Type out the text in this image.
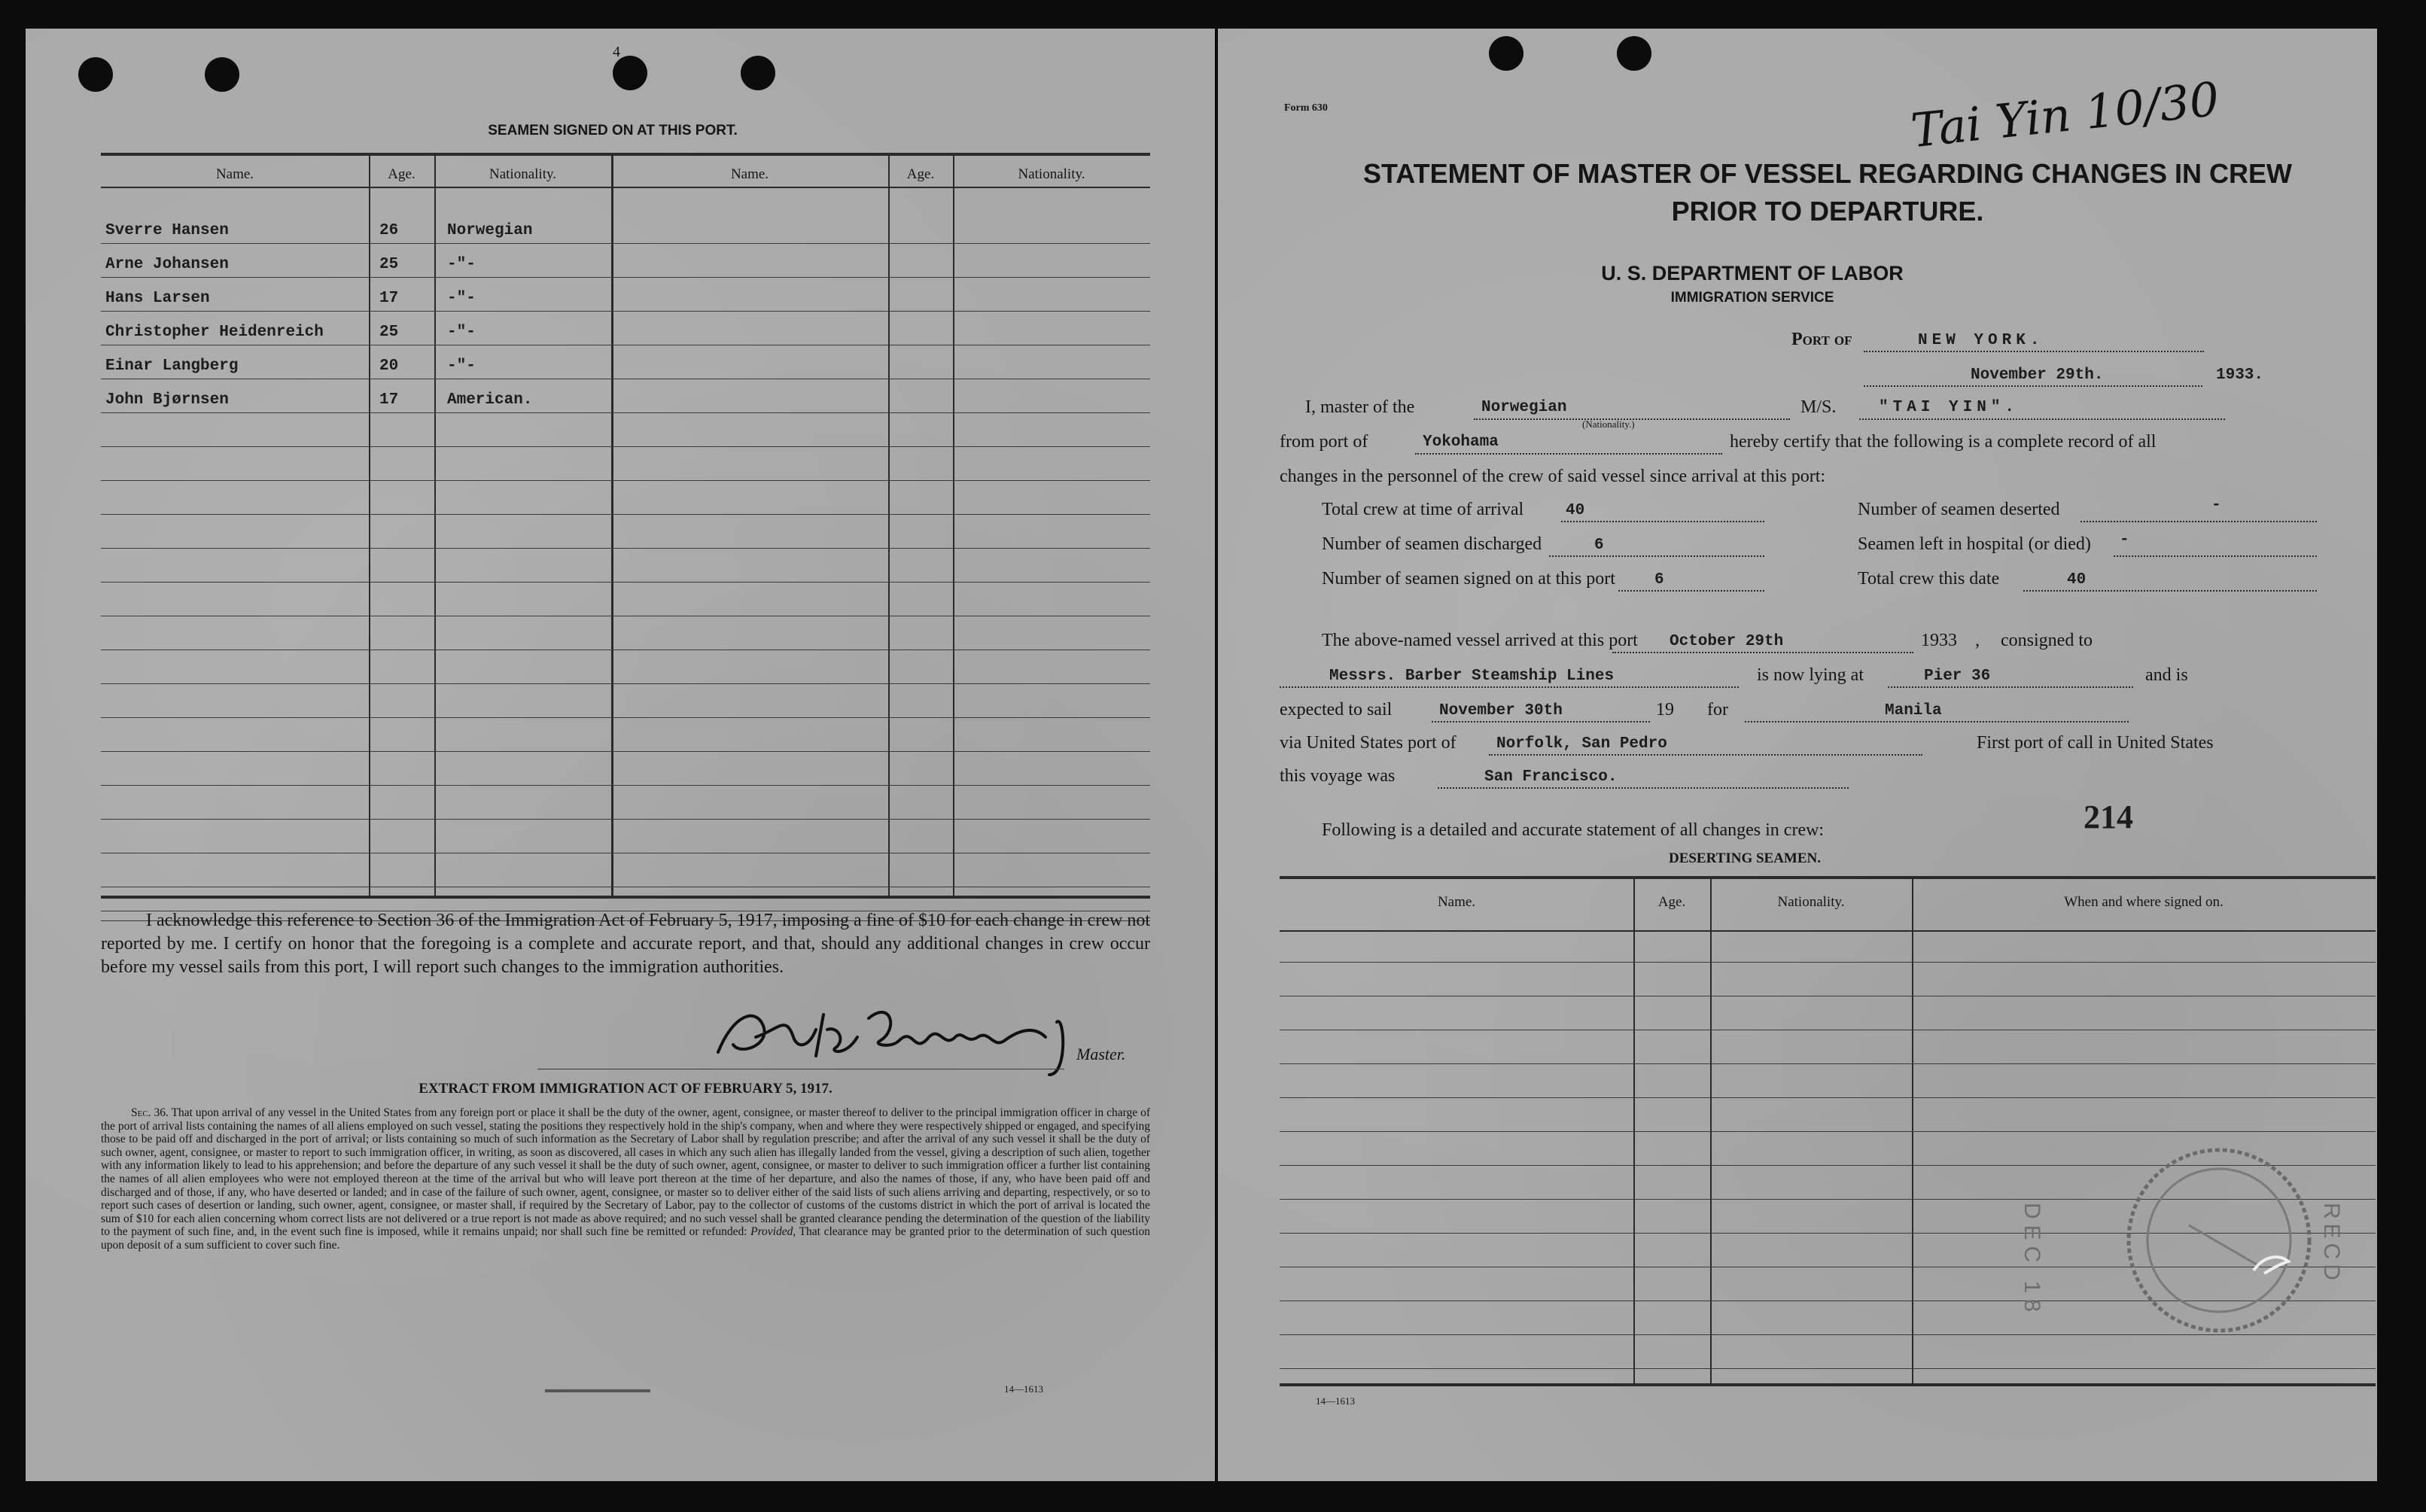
4
SEAMEN SIGNED ON AT THIS PORT.
Name.	Age.	Nationality.	Name.	Age.	Nationality.
Sverre Hansen	26	Norwegian
Arne Johansen	25	-"-
Hans Larsen	17	-"-
Christopher Heidenreich	25	-"-
Einar Langberg	20	-"-
John Bjørnsen	17	American.
I acknowledge this reference to Section 36 of the Immigration Act of February 5, 1917, imposing a fine of $10 for each change in crew not reported by me. I certify on honor that the foregoing is a complete and accurate report, and that, should any additional changes in crew occur before my vessel sails from this port, I will report such changes to the immigration authorities.
Master.
EXTRACT FROM IMMIGRATION ACT OF FEBRUARY 5, 1917.
Sec. 36. That upon arrival of any vessel in the United States from any foreign port or place it shall be the duty of the owner, agent, consignee, or master thereof to deliver to the principal immigration officer in charge of the port of arrival lists containing the names of all aliens employed on such vessel, stating the positions they respectively hold in the ship's company, when and where they were respectively shipped or engaged, and specifying those to be paid off and discharged in the port of arrival; or lists containing so much of such information as the Secretary of Labor shall by regulation prescribe; and after the arrival of any such vessel it shall be the duty of such owner, agent, consignee, or master to report to such immigration officer, in writing, as soon as discovered, all cases in which any such alien has illegally landed from the vessel, giving a description of such alien, together with any information likely to lead to his apprehension; and before the departure of any such vessel it shall be the duty of such owner, agent, consignee, or master to deliver to such immigration officer a further list containing the names of all alien employees who were not employed thereon at the time of the arrival but who will leave port thereon at the time of her departure, and also the names of those, if any, who have been paid off and discharged and of those, if any, who have deserted or landed; and in case of the failure of such owner, agent, consignee, or master so to deliver either of the said lists of such aliens arriving and departing, respectively, or so to report such cases of desertion or landing, such owner, agent, consignee, or master shall, if required by the Secretary of Labor, pay to the collector of customs of the customs district in which the port of arrival is located the sum of $10 for each alien concerning whom correct lists are not delivered or a true report is not made as above required; and no such vessel shall be granted clearance pending the determination of the question of the liability to the payment of such fine, and, in the event such fine is imposed, while it remains unpaid; nor shall such fine be remitted or refunded: Provided, That clearance may be granted prior to the determination of such question upon deposit of a sum sufficient to cover such fine.
14—1613
Form 630	Tai Yin 10/30
STATEMENT OF MASTER OF VESSEL REGARDING CHANGES IN CREW
PRIOR TO DEPARTURE.
U. S. DEPARTMENT OF LABOR
IMMIGRATION SERVICE
Port of	NEW YORK.
November 29th.	1933.
I, master of the	Norwegian
(Nationality.)
M/S.	"TAI YIN".
from port of	Yokohama	hereby certify that the following is a complete record of all
changes in the personnel of the crew of said vessel since arrival at this port:
Total crew at time of arrival	40	Number of seamen deserted	-
Number of seamen discharged	6	Seamen left in hospital (or died) -
Number of seamen signed on at this port 6	Total crew this date	40
The above-named vessel arrived at this port October 29th	1933 , consigned to
Messrs. Barber Steamship Lines	is now lying at	Pier 36	and is
expected to sail	November 30th	19 for	Manila
via United States port of	Norfolk, San Pedro	First port of call in United States
this voyage was	San Francisco.
Following is a detailed and accurate statement of all changes in crew:	214
DESERTING SEAMEN.
Name.	Age.	Nationality.	When and where signed on.
DEC 18	RECD
14—1613
